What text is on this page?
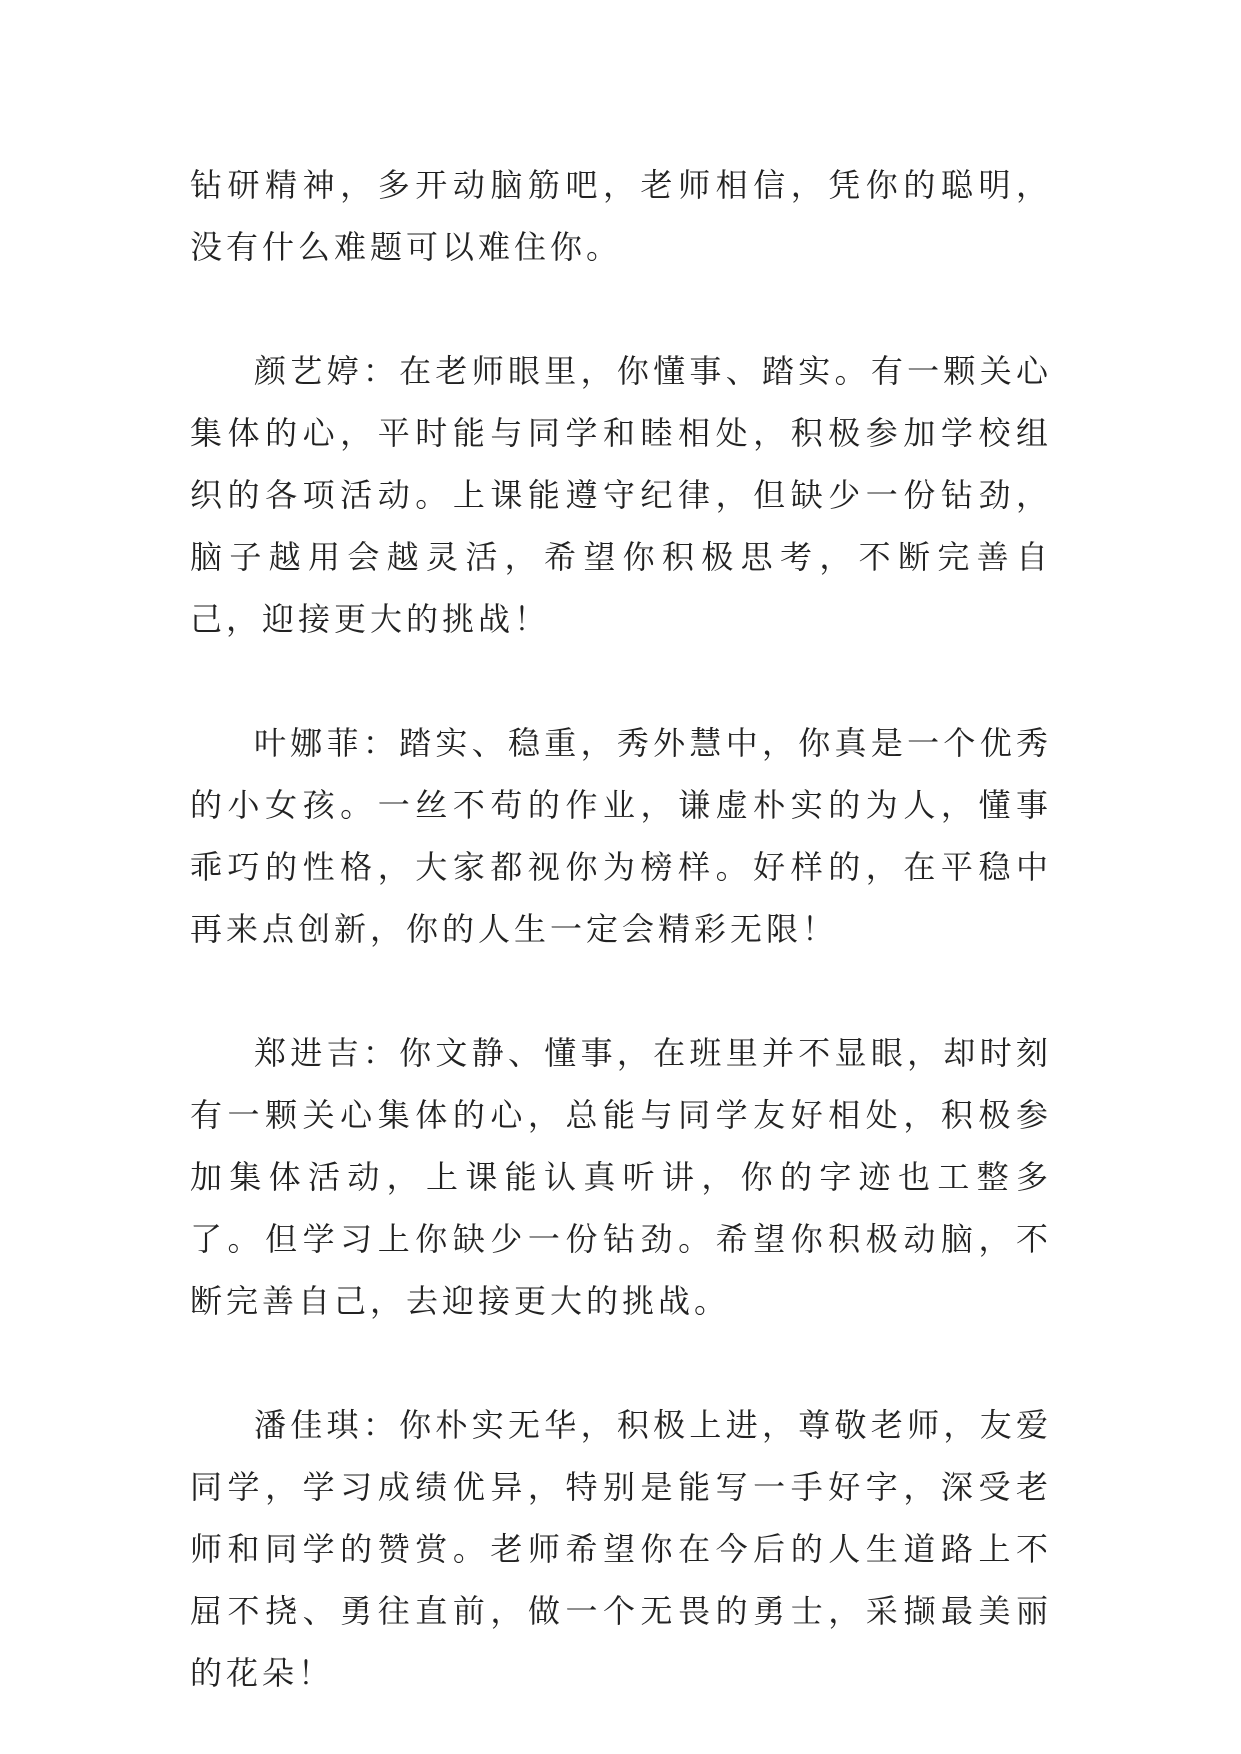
钻研精神，多开动脑筋吧，老师相信，凭你的聪明，没有什么难题可以难住你。

颜艺婷：在老师眼里，你懂事、踏实。有一颗关心集体的心，平时能与同学和睦相处，积极参加学校组织的各项活动。上课能遵守纪律，但缺少一份钻劲，脑子越用会越灵活，希望你积极思考，不断完善自己，迎接更大的挑战！

叶娜菲：踏实、稳重，秀外慧中，你真是一个优秀的小女孩。一丝不苟的作业，谦虚朴实的为人，懂事乖巧的性格，大家都视你为榜样。好样的，在平稳中再来点创新，你的人生一定会精彩无限！

郑进吉：你文静、懂事，在班里并不显眼，却时刻有一颗关心集体的心，总能与同学友好相处，积极参加集体活动，上课能认真听讲，你的字迹也工整多了。但学习上你缺少一份钻劲。希望你积极动脑，不断完善自己，去迎接更大的挑战。

潘佳琪：你朴实无华，积极上进，尊敬老师，友爱同学，学习成绩优异，特别是能写一手好字，深受老师和同学的赞赏。老师希望你在今后的人生道路上不屈不挠、勇往直前，做一个无畏的勇士，采撷最美丽的花朵！
